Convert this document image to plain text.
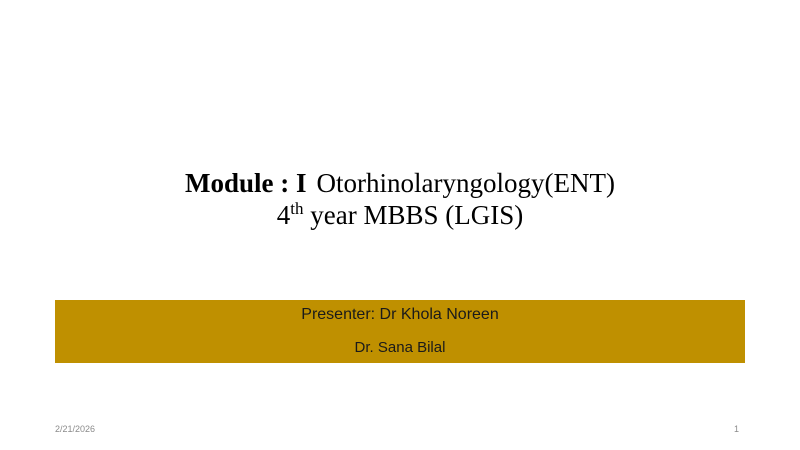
Module : I Otorhinolaryngology(ENT)
4th year MBBS (LGIS)
Presenter: Dr Khola Noreen
Dr. Sana Bilal
2/21/2026	1
